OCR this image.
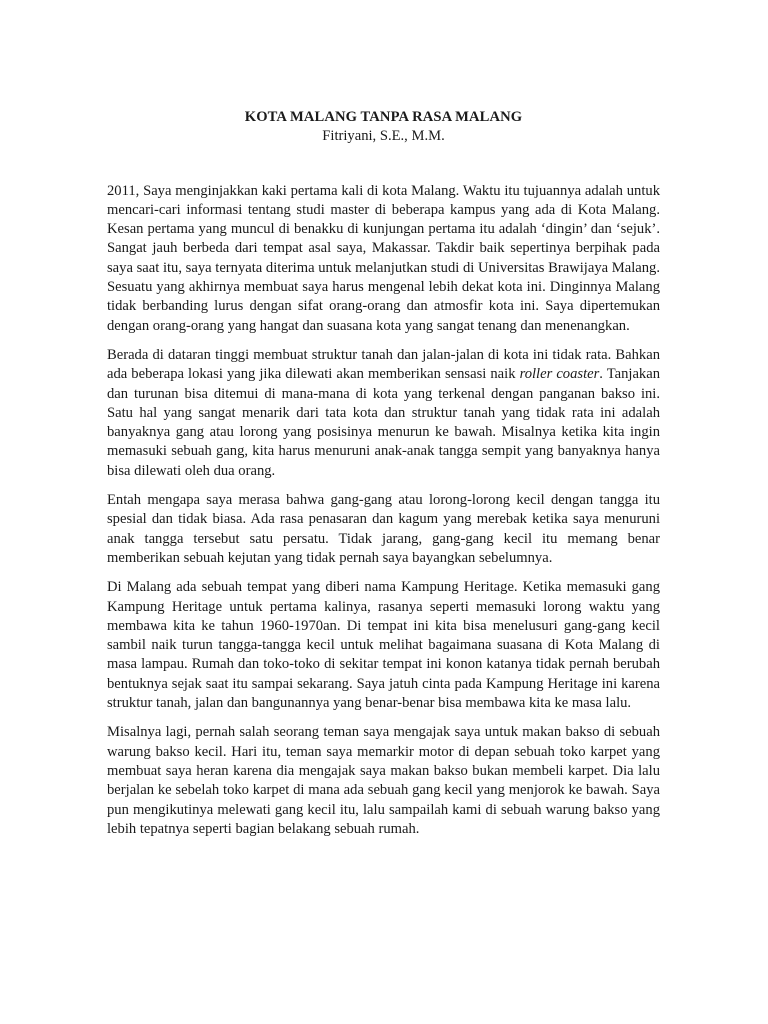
KOTA MALANG TANPA RASA MALANG

Fitriyani, S.E., M.M.

2011, Saya menginjakkan kaki pertama kali di kota Malang. Waktu itu tujuannya adalah untuk mencari-cari informasi tentang studi master di beberapa kampus yang ada di Kota Malang. Kesan pertama yang muncul di benakku di kunjungan pertama itu adalah ‘dingin’ dan ‘sejuk’. Sangat jauh berbeda dari tempat asal saya, Makassar. Takdir baik sepertinya berpihak pada saya saat itu, saya ternyata diterima untuk melanjutkan studi di Universitas Brawijaya Malang. Sesuatu yang akhirnya membuat saya harus mengenal lebih dekat kota ini. Dinginnya Malang tidak berbanding lurus dengan sifat orang-orang dan atmosfir kota ini. Saya dipertemukan dengan orang-orang yang hangat dan suasana kota yang sangat tenang dan menenangkan.

Berada di dataran tinggi membuat struktur tanah dan jalan-jalan di kota ini tidak rata. Bahkan ada beberapa lokasi yang jika dilewati akan memberikan sensasi naik roller coaster. Tanjakan dan turunan bisa ditemui di mana-mana di kota yang terkenal dengan panganan bakso ini. Satu hal yang sangat menarik dari tata kota dan struktur tanah yang tidak rata ini adalah banyaknya gang atau lorong yang posisinya menurun ke bawah. Misalnya ketika kita ingin memasuki sebuah gang, kita harus menuruni anak-anak tangga sempit yang banyaknya hanya bisa dilewati oleh dua orang.

Entah mengapa saya merasa bahwa gang-gang atau lorong-lorong kecil dengan tangga itu spesial dan tidak biasa. Ada rasa penasaran dan kagum yang merebak ketika saya menuruni anak tangga tersebut satu persatu. Tidak jarang, gang-gang kecil itu memang benar memberikan sebuah kejutan yang tidak pernah saya bayangkan sebelumnya.

Di Malang ada sebuah tempat yang diberi nama Kampung Heritage. Ketika memasuki gang Kampung Heritage untuk pertama kalinya, rasanya seperti memasuki lorong waktu yang membawa kita ke tahun 1960-1970an. Di tempat ini kita bisa menelusuri gang-gang kecil sambil naik turun tangga-tangga kecil untuk melihat bagaimana suasana di Kota Malang di masa lampau. Rumah dan toko-toko di sekitar tempat ini konon katanya tidak pernah berubah bentuknya sejak saat itu sampai sekarang. Saya jatuh cinta pada Kampung Heritage ini karena struktur tanah, jalan dan bangunannya yang benar-benar bisa membawa kita ke masa lalu.

Misalnya lagi, pernah salah seorang teman saya mengajak saya untuk makan bakso di sebuah warung bakso kecil. Hari itu, teman saya memarkir motor di depan sebuah toko karpet yang membuat saya heran karena dia mengajak saya makan bakso bukan membeli karpet. Dia lalu berjalan ke sebelah toko karpet di mana ada sebuah gang kecil yang menjorok ke bawah. Saya pun mengikutinya melewati gang kecil itu, lalu sampailah kami di sebuah warung bakso yang lebih tepatnya seperti bagian belakang sebuah rumah.
